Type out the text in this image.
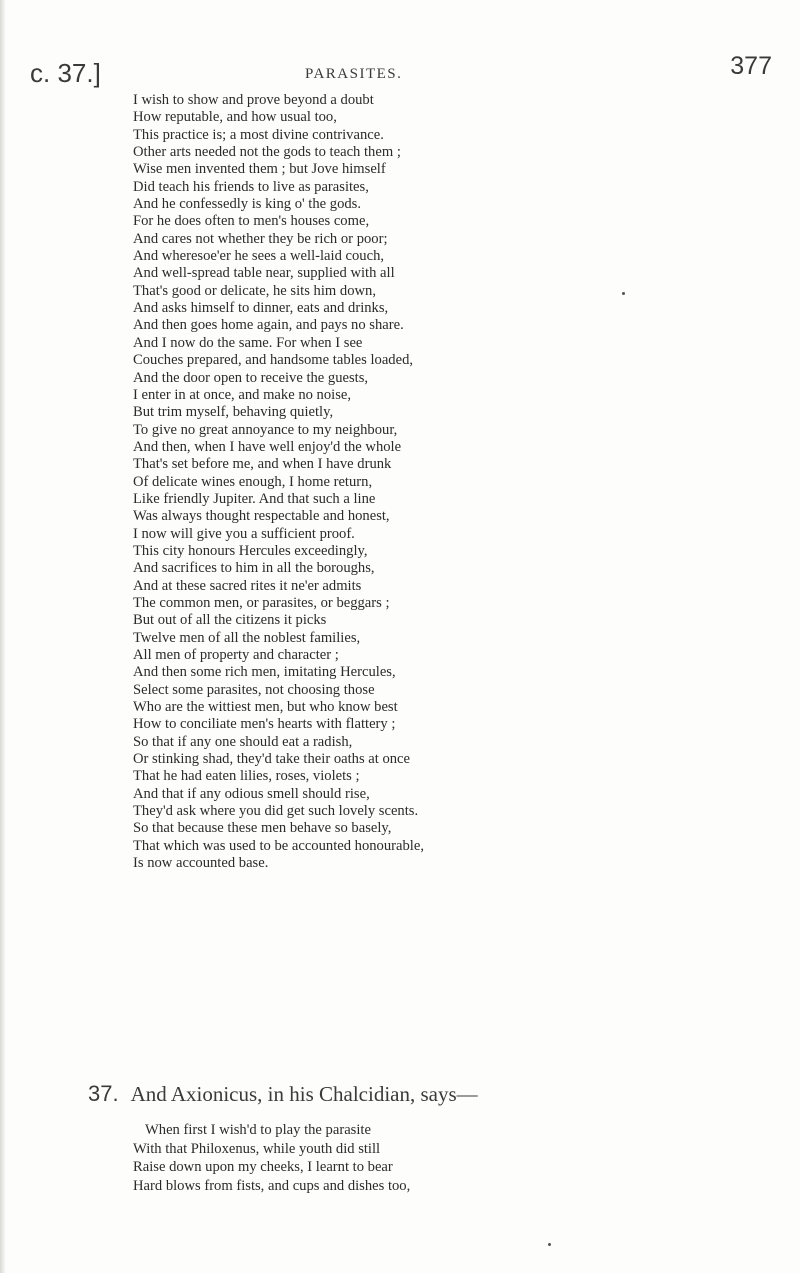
c. 37.]	PARASITES.	377
I wish to show and prove beyond a doubt
How reputable, and how usual too,
This practice is; a most divine contrivance.
Other arts needed not the gods to teach them ;
Wise men invented them ; but Jove himself
Did teach his friends to live as parasites,
And he confessedly is king o' the gods.
For he does often to men's houses come,
And cares not whether they be rich or poor;
And wheresoe'er he sees a well-laid couch,
And well-spread table near, supplied with all
That's good or delicate, he sits him down,
And asks himself to dinner, eats and drinks,
And then goes home again, and pays no share.
And I now do the same. For when I see
Couches prepared, and handsome tables loaded,
And the door open to receive the guests,
I enter in at once, and make no noise,
But trim myself, behaving quietly,
To give no great annoyance to my neighbour,
And then, when I have well enjoy'd the whole
That's set before me, and when I have drunk
Of delicate wines enough, I home return,
Like friendly Jupiter. And that such a line
Was always thought respectable and honest,
I now will give you a sufficient proof.
This city honours Hercules exceedingly,
And sacrifices to him in all the boroughs,
And at these sacred rites it ne'er admits
The common men, or parasites, or beggars ;
But out of all the citizens it picks
Twelve men of all the noblest families,
All men of property and character ;
And then some rich men, imitating Hercules,
Select some parasites, not choosing those
Who are the wittiest men, but who know best
How to conciliate men's hearts with flattery ;
So that if any one should eat a radish,
Or stinking shad, they'd take their oaths at once
That he had eaten lilies, roses, violets ;
And that if any odious smell should rise,
They'd ask where you did get such lovely scents.
So that because these men behave so basely,
That which was used to be accounted honourable,
Is now accounted base.
37. And Axionicus, in his Chalcidian, says—
When first I wish'd to play the parasite
With that Philoxenus, while youth did still
Raise down upon my cheeks, I learnt to bear
Hard blows from fists, and cups and dishes too,
